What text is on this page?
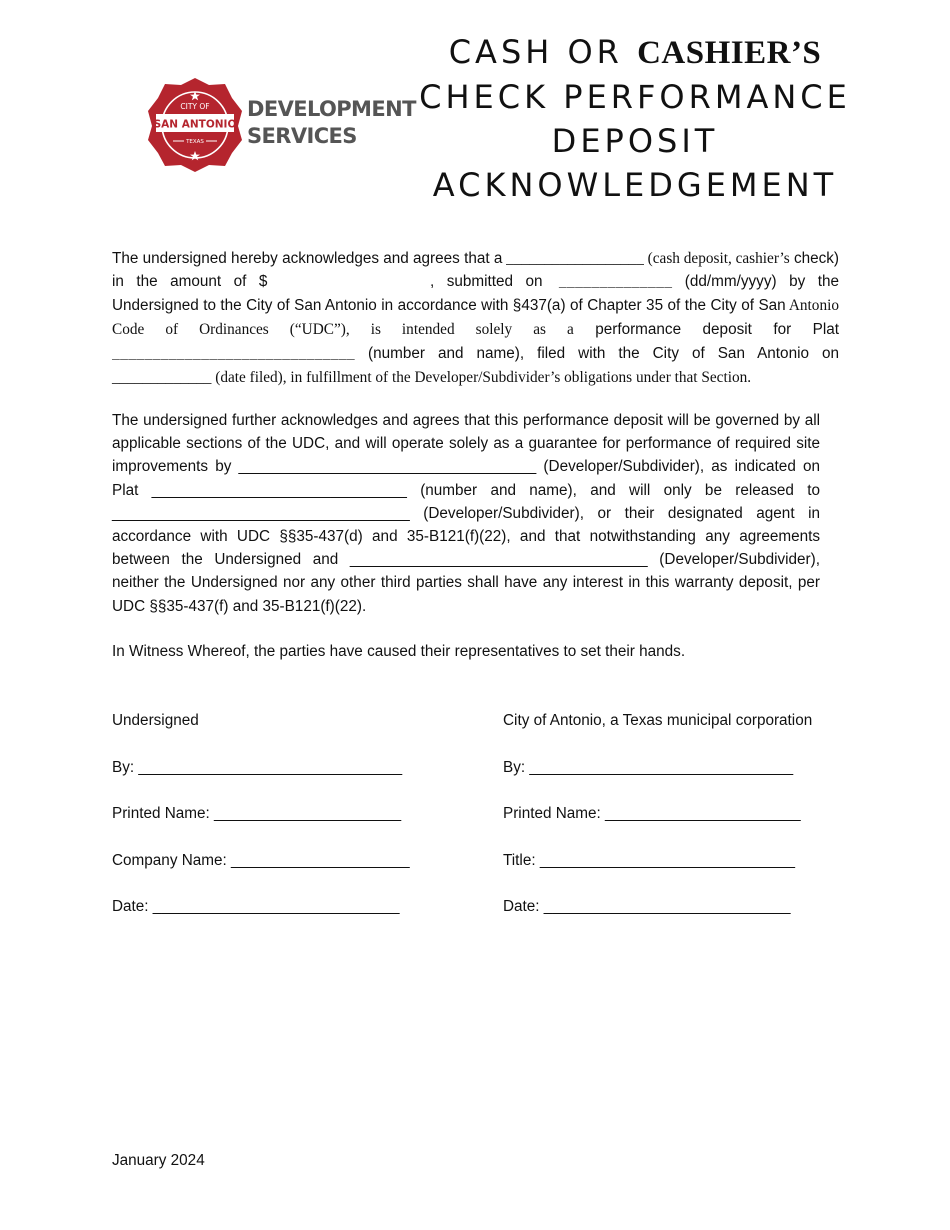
CITY OF
SAN ANTONIO
TEXAS
DEVELOPMENT
SERVICES
CASH OR CASHIER’S
CHECK PERFORMANCE
DEPOSIT
ACKNOWLEDGEMENT

The undersigned hereby acknowledges and agrees that a __________________ (cash deposit, cashier’s check) in the amount of $	, submitted on ______________ (dd/mm/yyyy) by the Undersigned to the City of San Antonio in accordance with §437(a) of Chapter 35 of the City of San Antonio Code of Ordinances (“UDC”), is intended solely as a performance deposit for Plat ______________________________ (number and name), filed with the City of San Antonio on _____________ (date filed), in fulfillment of the Developer/Subdivider’s obligations under that Section.

The undersigned further acknowledges and agrees that this performance deposit will be governed by all applicable sections of the UDC, and will operate solely as a guarantee for performance of required site improvements by ___________________________________ (Developer/Subdivider), as indicated on Plat ______________________________ (number and name), and will only be released to ___________________________________ (Developer/Subdivider), or their designated agent in accordance with UDC §§35-437(d) and 35-B121(f)(22), and that notwithstanding any agreements between the Undersigned and ___________________________________ (Developer/Subdivider), neither the Undersigned nor any other third parties shall have any interest in this warranty deposit, per UDC §§35-437(f) and 35-B121(f)(22).

In Witness Whereof, the parties have caused their representatives to set their hands.

Undersigned
By: _______________________________
Printed Name: ______________________
Company Name: _____________________
Date: _____________________________
City of Antonio, a Texas municipal corporation
By: _______________________________
Printed Name: _______________________
Title: ______________________________
Date: _____________________________
January 2024
